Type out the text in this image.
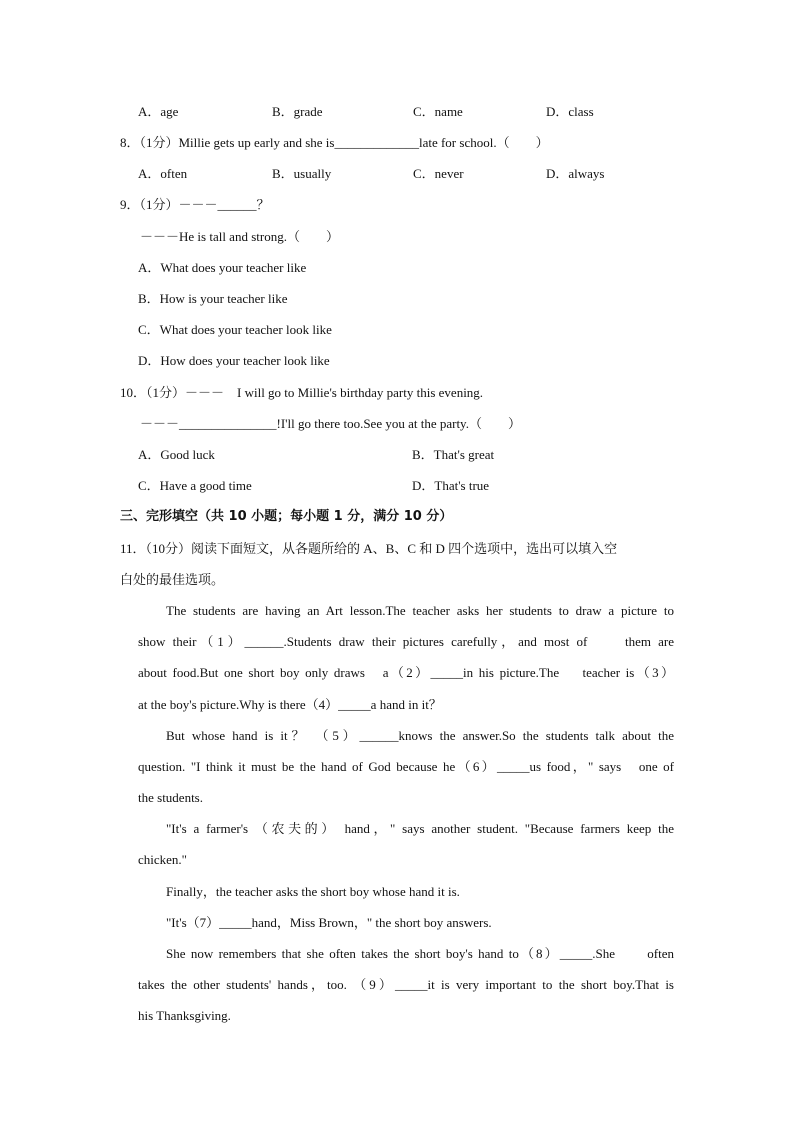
A．age	B．grade	C．name	D．class
8．（1分）Millie gets up early and she is_____________late for school.（　　）
A．often	B．usually	C．never	D．always
9．（1分）－－－______？
－－－He is tall and strong.（　　）
A．What does your teacher like
B．How is your teacher like
C．What does your teacher look like
D．How does your teacher look like
10．（1分）－－－　I will go to Millie's birthday party this evening.
－－－_______________!I'll go there too.See you at the party.（　　）
A．Good luck	B．That's great
C．Have a good time	D．That's true
三、完形填空（共 10 小题；每小题 1 分，满分 10 分）
11．（10分）阅读下面短文，从各题所给的 A、B、C 和 D 四个选项中，选出可以填入空
白处的最佳选项。
The students are having an Art lesson.The teacher asks her students to draw a picture to
show their（1）______.Students draw their pictures carefully，and most of　　them are
about food.But one short boy only draws　a（2）_____in his picture.The　 teacher is（3）
at the boy's picture.Why is there（4）_____a hand in it？
But whose hand is it？ （5）______knows the answer.So the students talk about the
question. "I think it must be the hand of God because he（6）_____us food，" says　one of
the students.
"It's a farmer's （农夫的） hand，" says another student. "Because farmers keep the
chicken."
Finally，the teacher asks the short boy whose hand it is.
"It's（7）_____hand，Miss Brown，" the short boy answers.
She now remembers that she often takes the short boy's hand to（8）_____.She　　often
takes the other students' hands，too. （9）_____it is very important to the short boy.That is
his Thanksgiving.
